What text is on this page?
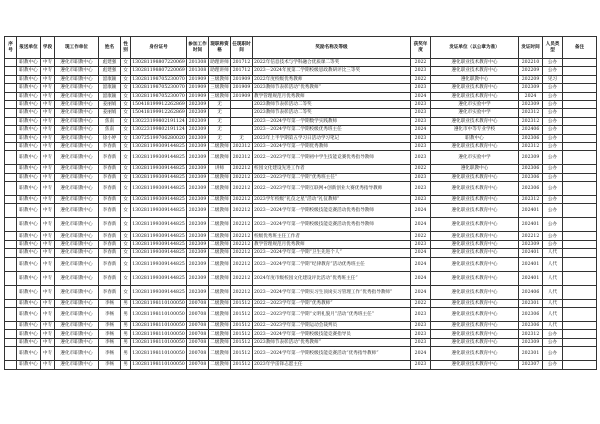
序号	报送单位	学段	现工作单位	姓名	性别	身份证号	参加工作时间	现职称资格	任现职时间	奖励名称及等级	获奖年度	发证单位（以公章为准）	发证时间	人员类型	备注
	职教中心	中专	遵化市职教中心	彪建强	女	130281198807220069	201308	助理讲师	201712	2022年信息技术与学科融合优质课二等奖	2022	遵化职业技术教育中心	202210	公办	
	职教中心	中专	遵化市职教中心	彪建强	女	130281198807220069	201308	助理讲师	201712	2023－2024年度第二学期校级思政教研评比三等奖	2023	遵化职业技术教育中心	202209	公办	
	职教中心	中专	遵化市职教中心	韶康颖	女	130281198705230070	201909	三级教师	201909	2022年度校级优秀教师	2022	遵化职教中心	202209	见习	
	职教中心	中专	遵化市职教中心	韶康颖	女	130281198705230070	201909	三级教师	201909	2023教师节表彰活动“优秀教师”	2023	遵化职业技术教育中心	202309	公办	
	职教中心	中专	遵化市职教中心	韶康颖	女	130281198705230070	201909	三级教师	201909	教学管理规范月优秀教师	2024	遵化职业技术教育中心	2024	公办	
	职教中心	中专	遵化市职教中心	姜丽娟	女	150418199912262869	202309	无		2023教师节表彰活动二等奖	2023	遵化市实验中学	202309	公办	
	职教中心	中专	遵化市职教中心	姜丽娟	女	150418199912262869	202309	无		2023教师节表彰活动二等奖	2023	遵化市实验中学	202312	公办	
	职教中心	中专	遵化市职教中心	焦南	女	130223199802191124	202309	无		2023－2024学年第一学期数学实践教师	2023	遵化职业技术教育中心	202312	公办	
	职教中心	中专	遵化市职教中心	焦南	女	130223199802191124	202309	无		2023－2024学年第二学期校级优秀班主任	2024	遵化市中等专业学校	202406	公办	
	职教中心	中专	遵化市职教中心	徐小婷	女	130725199706280020	202309	无	无	2023年上半学期第五学习日活动学习笔记	2023	职教中心	202306	公办	
	职教中心	中专	遵化市职教中心	李春新	女	130281199309144825	202309	二级教师	202312	2023－2024学年第一学期优秀教师	2023	遵化职业技术教育中心	202312	公办	
	职教中心	中专	遵化市职教中心	李春新	女	130281199309144825	202309	二级教师	202312	2022－2023学年第二学期初中学生技能竞赛优秀指导教师	2023	遵化市实验中学	202309	公办	
	职教中心	中专	遵化市职教中心	李春新	女	130281199309144825	202309	讲师	202212	校园文化建设先进工作者	2022	遵化职教中心	202306	公办	
	职教中心	中专	遵化市职教中心	李春新	女	130281199309144825	202309	二级教师	202212	2022－2023学年第二学期“优秀班主任”	2023	遵化职业技术教育中心	202306	公办	
	职教中心	中专	遵化市职教中心	李春新	女	130281199309144825	202309	二级教师	202212	2022－2023学年第二学期互联网+创新创业大赛优秀指导教师	2023	遵化职业技术教育中心	202306	公办	
	职教中心	中专	遵化市职教中心	李春新	女	130281199309144825	202309	二级教师	202212	2023学年校级“礼仪之星”活动“礼仪教师”	2023	遵化职业技术教育中心	202312	公办	
	职教中心	中专	遵化市职教中心	李春新	女	130281199309144825	202309	二级教师	202212	2023－2024学年第一学期校级技能竞赛活动优秀指导教师	2024	遵化职业技术教育中心	202401	公办	
	职教中心	中专	遵化市职教中心	李春新	女	130281199309144825	202309	二级教师	202212	2023－2024学年第一学期校级技能竞赛活动优秀指导教师	2024	遵化职业技术教育中心	202401	公办	
	职教中心	中专	遵化市职教中心	李春新	女	130281199309144825	202309	二级教师	202212	校级优秀班主任工作者	2022	遵化职业技术教育中心	202212	公办	
	职教中心	中专	遵化市职教中心	李春新	女	130281199309144825	202309	二级教师	202212	教学管理规范月优秀教师	2023	遵化职业技术教育中心	202309	公办	
	职教中心	中专	遵化市职教中心	李春新	女	130281199309144825	202309	二级教师	202212	2023－2024学年第一学期“卫生先进个人”	2024	遵化职业技术教育中心	202401	人代	
	职教中心	中专	遵化市职教中心	李春新	女	130281199309144825	202309	二级教师	202212	2023－2024学年第二学期“纪律教育”活动优秀班主任	2024	遵化职业技术教育中心	202401	人代	
	职教中心	中专	遵化市职教中心	李春新	女	130281199309144825	202309	二级教师	202212	2024年度市级校园文化建设评比活动“优秀班主任”	2024	遵化职业技术教育中心	202401	人代	
	职教中心	中专	遵化市职教中心	李春新	女	130281199309144825	202309	二级教师	202212	2023－2024学年第二学期实习生顶岗实习管理工作“优秀指导教师”	2024	遵化职业技术教育中心	202406	人代	
	职教中心	中专	遵化市职教中心	李畅	男	130281198110100050	200708	二级教师	201512	2022－2023学年第一学期“优秀教师”	2022	遵化职业技术教育中心	202301	人代	
	职教中心	中专	遵化市职教中心	李畅	男	130281198110100050	200708	二级教师	201512	2022－2023学年第二学期“文明礼貌月”活动“优秀班主任”	2023	遵化职业技术教育中心	202306	人代	
	职教中心	中专	遵化市职教中心	李畅	男	130281198110100050	200708	二级教师	201512	2022－2023学年第二学期运动会裁判员	2023	遵化职业技术教育中心	202306	人代	
	职教中心	中专	遵化市职教中心	李畅	男	130281198110100050	200708	二级教师	201512	2023－2024学年第一学期校级技能竞赛指导员	2023	遵化职业技术教育中心	202312	公办	
	职教中心	中专	遵化市职教中心	李畅	男	130281198110100050	200708	二级教师	201512	2023教师节表彰活动“优秀教师”	2023	遵化职业技术教育中心	202309	公办	
	职教中心	中专	遵化市职教中心	李畅	男	130281198110100050	200708	二级教师	201512	2023－2024学年第一学期校级技能竞赛活动“优秀指导教师”	2024	遵化职业技术教育中心	202301	公办	
	职教中心	中专	遵化市职教中心	李畅	男	130281198110100050	200708	二级教师	201512	2023年学雷锋志愿主任	2023	遵化职业技术教育中心	202307	公办	
